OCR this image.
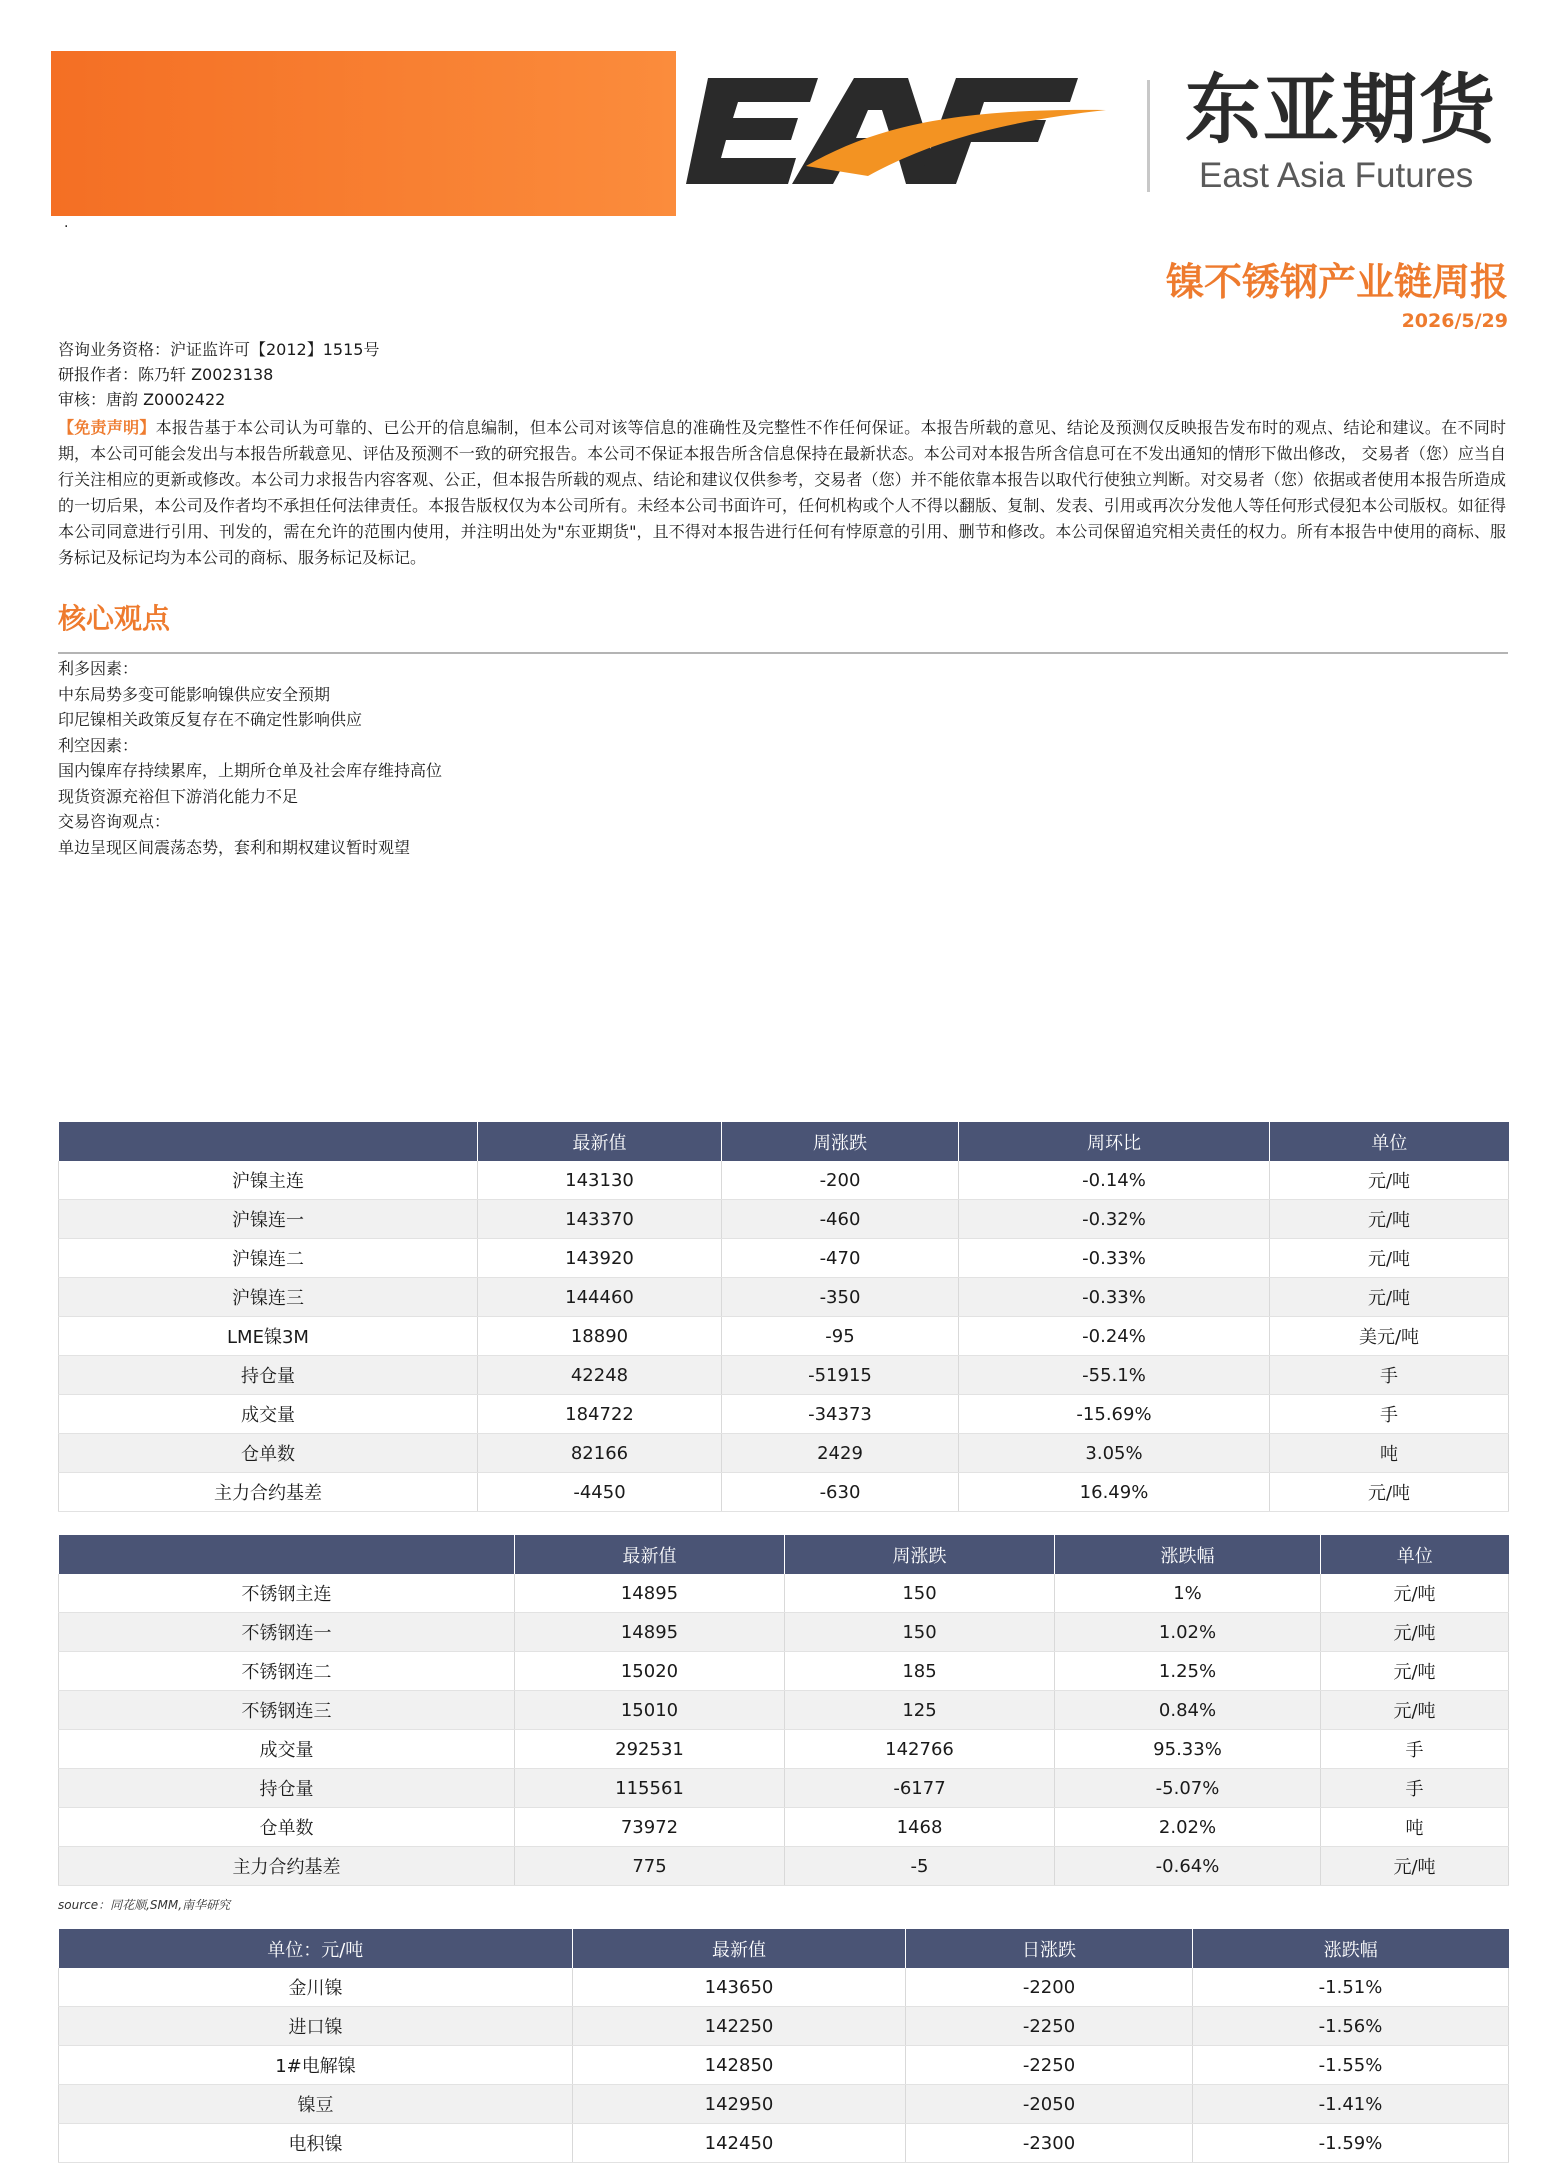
东亚期货
East Asia Futures
·
镍不锈钢产业链周报
2026/5/29
咨询业务资格：沪证监许可【2012】1515号
研报作者：陈乃轩 Z0023138
审核：唐韵 Z0002422
【免责声明】本报告基于本公司认为可靠的、已公开的信息编制，但本公司对该等信息的准确性及完整性不作任何保证。本报告所载的意见、结论及预测仅反映报告发布时的观点、结论和建议。在不同时期，本公司可能会发出与本报告所载意见、评估及预测不一致的研究报告。本公司不保证本报告所含信息保持在最新状态。本公司对本报告所含信息可在不发出通知的情形下做出修改， 交易者（您）应当自行关注相应的更新或修改。本公司力求报告内容客观、公正，但本报告所载的观点、结论和建议仅供参考，交易者（您）并不能依靠本报告以取代行使独立判断。对交易者（您）依据或者使用本报告所造成的一切后果，本公司及作者均不承担任何法律责任。本报告版权仅为本公司所有。未经本公司书面许可，任何机构或个人不得以翻版、复制、发表、引用或再次分发他人等任何形式侵犯本公司版权。如征得本公司同意进行引用、刊发的，需在允许的范围内使用，并注明出处为"东亚期货"，且不得对本报告进行任何有悖原意的引用、删节和修改。本公司保留追究相关责任的权力。所有本报告中使用的商标、服务标记及标记均为本公司的商标、服务标记及标记。
核心观点
利多因素：
中东局势多变可能影响镍供应安全预期
印尼镍相关政策反复存在不确定性影响供应
利空因素：
国内镍库存持续累库，上期所仓单及社会库存维持高位
现货资源充裕但下游消化能力不足
交易咨询观点：
单边呈现区间震荡态势，套利和期权建议暂时观望
	最新值	周涨跌	周环比	单位
沪镍主连	143130	-200	-0.14%	元/吨
沪镍连一	143370	-460	-0.32%	元/吨
沪镍连二	143920	-470	-0.33%	元/吨
沪镍连三	144460	-350	-0.33%	元/吨
LME镍3M	18890	-95	-0.24%	美元/吨
持仓量	42248	-51915	-55.1%	手
成交量	184722	-34373	-15.69%	手
仓单数	82166	2429	3.05%	吨
主力合约基差	-4450	-630	16.49%	元/吨
	最新值	周涨跌	涨跌幅	单位
不锈钢主连	14895	150	1%	元/吨
不锈钢连一	14895	150	1.02%	元/吨
不锈钢连二	15020	185	1.25%	元/吨
不锈钢连三	15010	125	0.84%	元/吨
成交量	292531	142766	95.33%	手
持仓量	115561	-6177	-5.07%	手
仓单数	73972	1468	2.02%	吨
主力合约基差	775	-5	-0.64%	元/吨
source：同花顺,SMM,南华研究
单位：元/吨	最新值	日涨跌	涨跌幅
金川镍	143650	-2200	-1.51%
进口镍	142250	-2250	-1.56%
1#电解镍	142850	-2250	-1.55%
镍豆	142950	-2050	-1.41%
电积镍	142450	-2300	-1.59%
